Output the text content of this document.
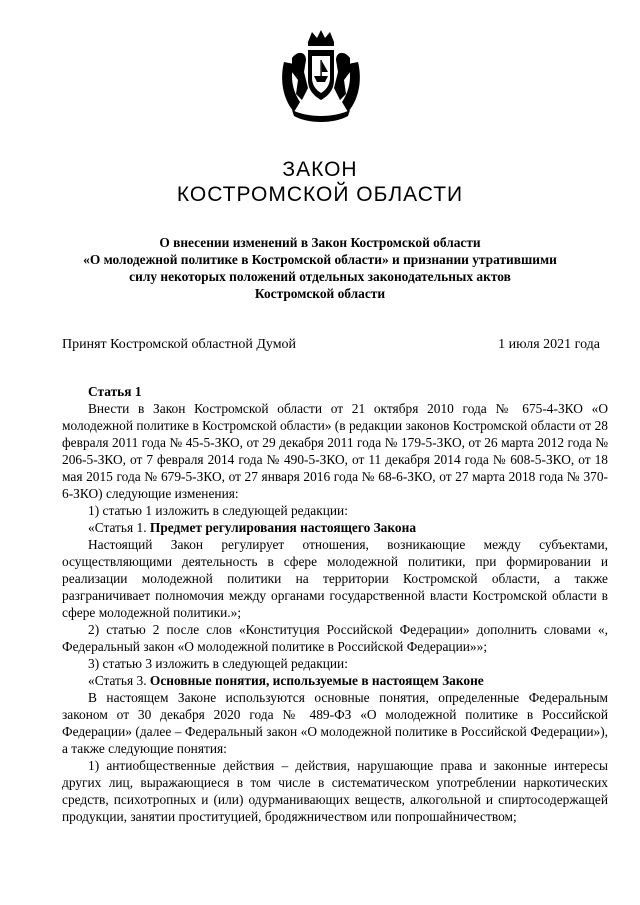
ЗАКОН
КОСТРОМСКОЙ ОБЛАСТИ
О внесении изменений в Закон Костромской области
«О молодежной политике в Костромской области» и признании утратившими
силу некоторых положений отдельных законодательных актов
Костромской области
Принят Костромской областной Думой	1 июля 2021 года

Статья 1

Внести в Закон Костромской области от 21 октября 2010 года № 675-4-ЗКО «О молодежной политике в Костромской области» (в редакции законов Костромской области от 28 февраля 2011 года № 45-5-ЗКО, от 29 декабря 2011 года № 179-5-ЗКО, от 26 марта 2012 года № 206-5-ЗКО, от 7 февраля 2014 года № 490-5-ЗКО, от 11 декабря 2014 года № 608-5-ЗКО, от 18 мая 2015 года № 679-5-ЗКО, от 27 января 2016 года № 68-6-ЗКО, от 27 марта 2018 года № 370-6-ЗКО) следующие изменения:

1) статью 1 изложить в следующей редакции:

«Статья 1. Предмет регулирования настоящего Закона

Настоящий Закон регулирует отношения, возникающие между субъектами, осуществляющими деятельность в сфере молодежной политики, при формировании и реализации молодежной политики на территории Костромской области, а также разграничивает полномочия между органами государственной власти Костромской области в сфере молодежной политики.»;

2) статью 2 после слов «Конституция Российской Федерации» дополнить словами «, Федеральный закон «О молодежной политике в Российской Федерации»»;

3) статью 3 изложить в следующей редакции:

«Статья 3. Основные понятия, используемые в настоящем Законе

В настоящем Законе используются основные понятия, определенные Федеральным законом от 30 декабря 2020 года № 489-ФЗ «О молодежной политике в Российской Федерации» (далее – Федеральный закон «О молодежной политике в Российской Федерации»), а также следующие понятия:

1) антиобщественные действия – действия, нарушающие права и законные интересы других лиц, выражающиеся в том числе в систематическом употреблении наркотических средств, психотропных и (или) одурманивающих веществ, алкогольной и спиртосодержащей продукции, занятии проституцией, бродяжничеством или попрошайничеством;
